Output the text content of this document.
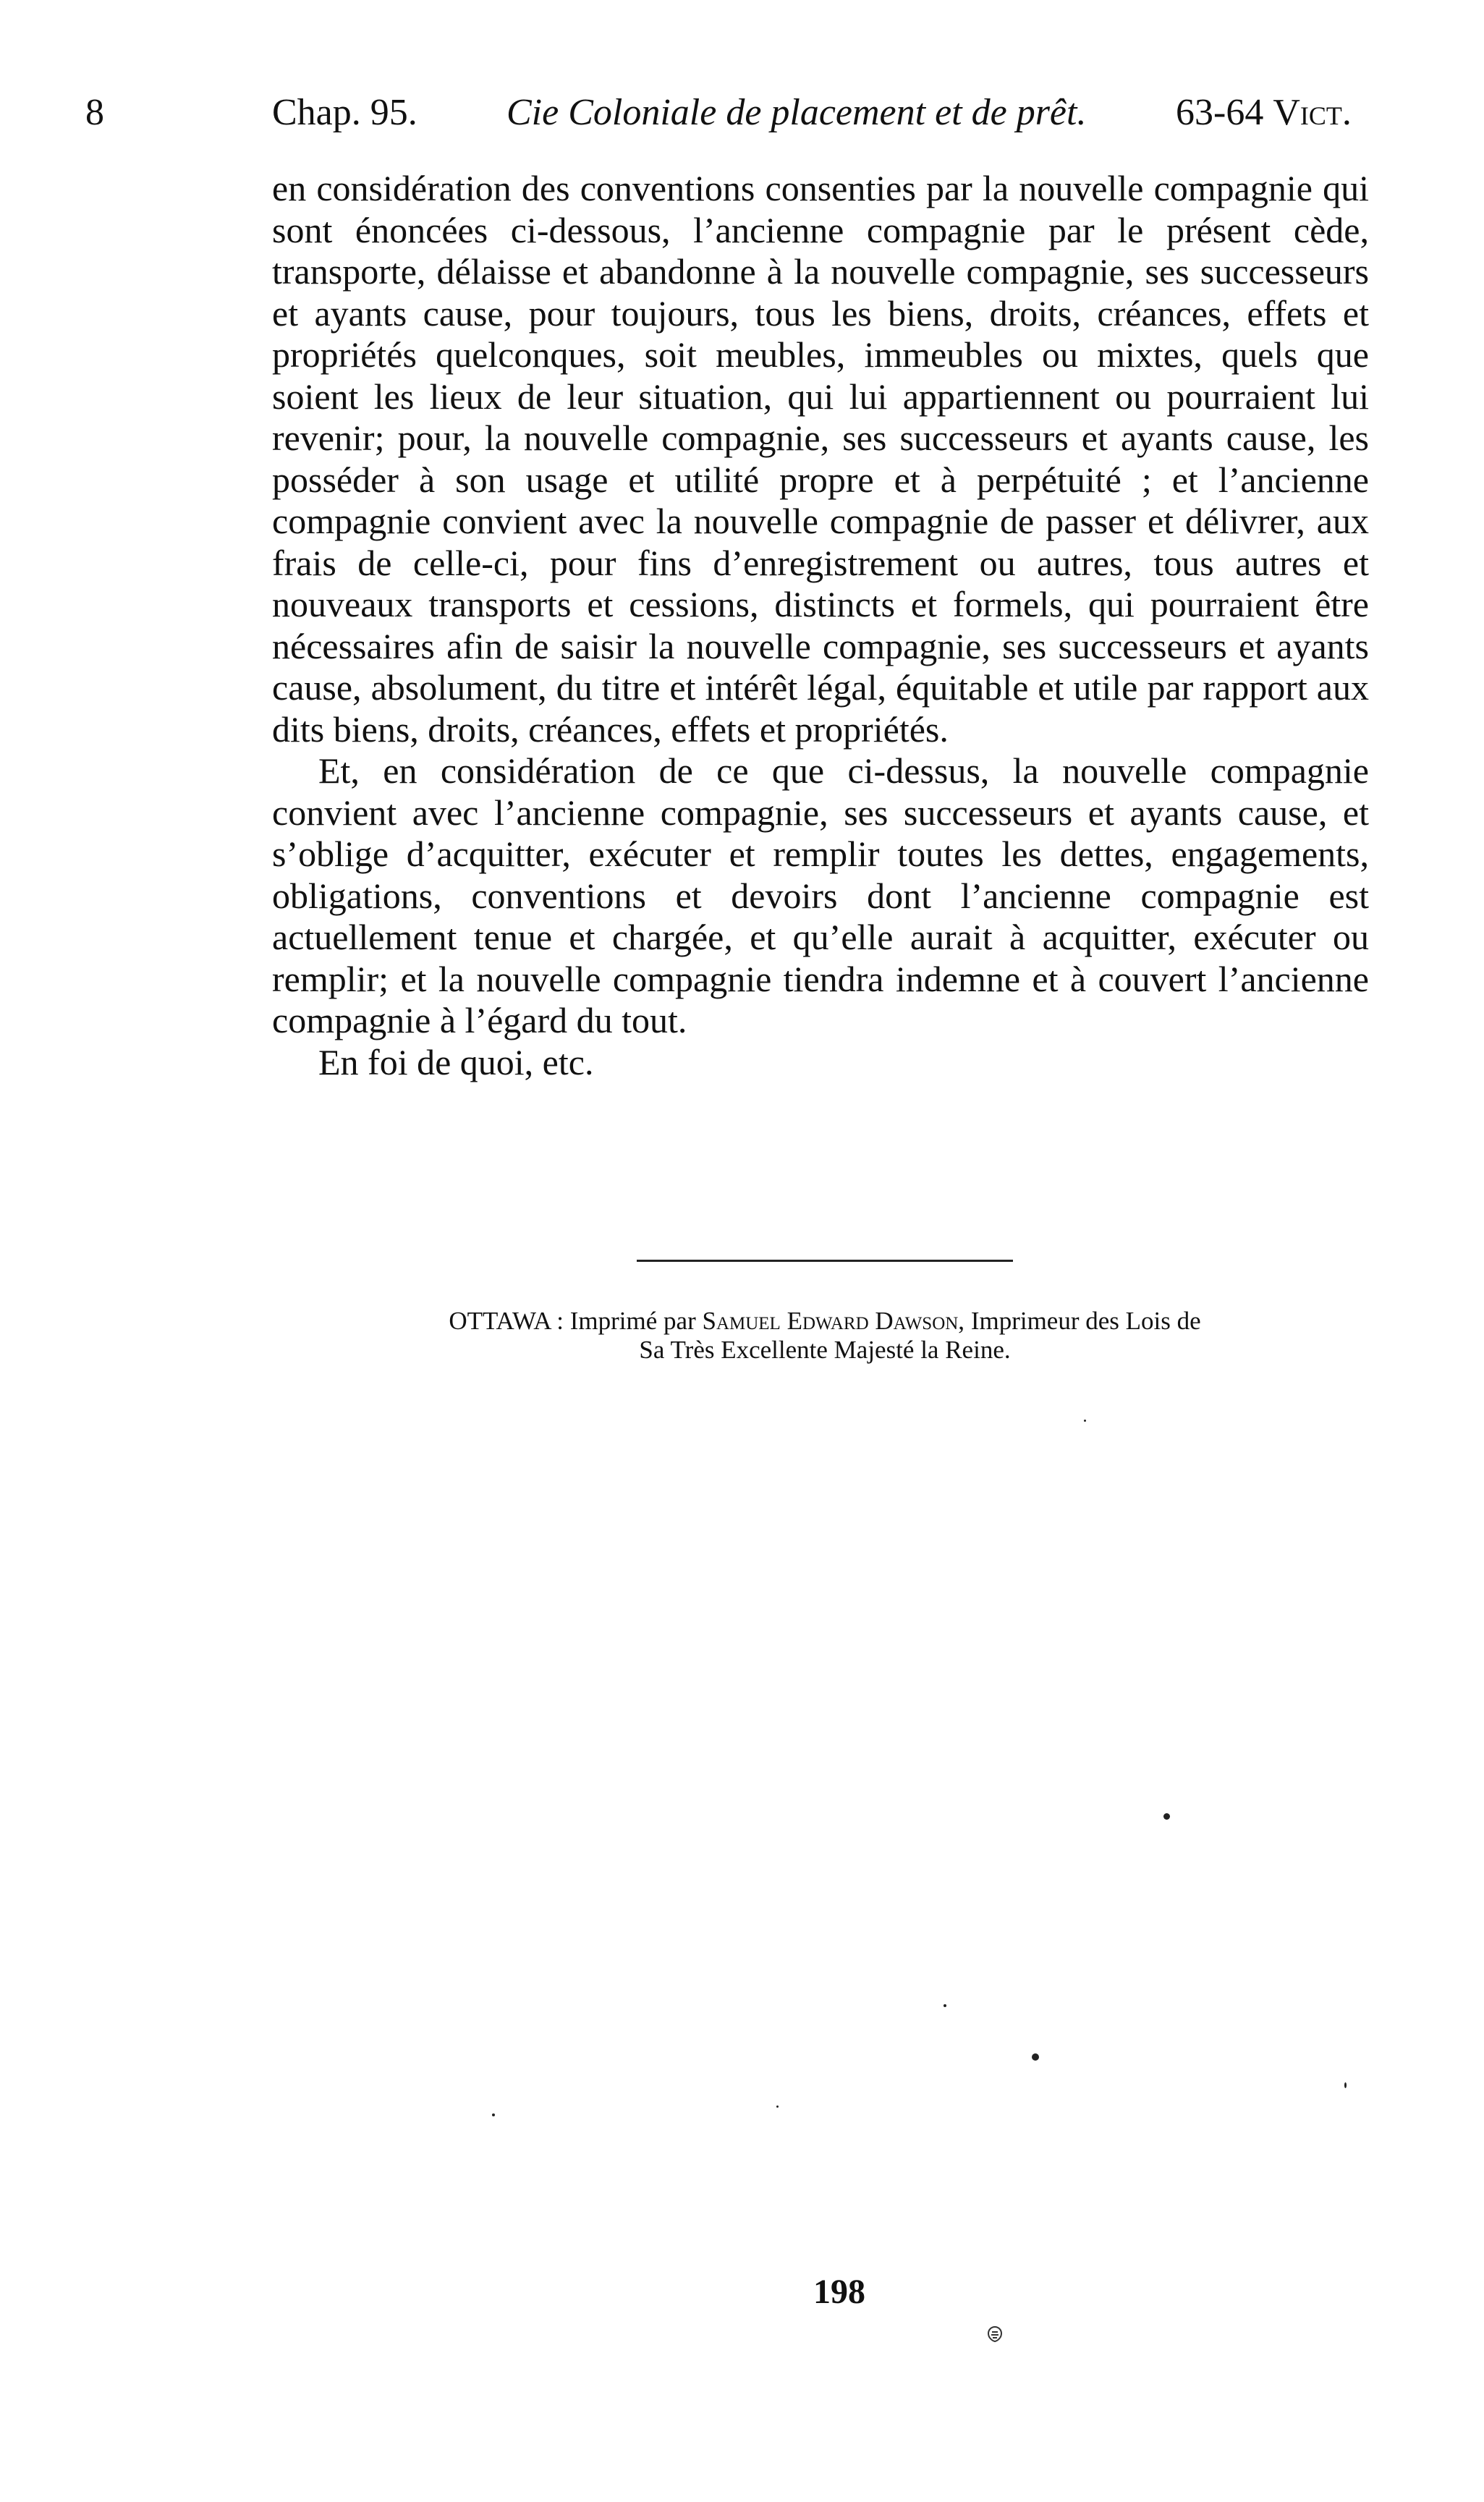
8	Chap. 95. Cie Coloniale de placement et de prêt. 63-64 Vict.

en considération des conventions consenties par la nouvelle compagnie qui sont énoncées ci-dessous, l’ancienne compagnie par le présent cède, transporte, délaisse et abandonne à la nouvelle compagnie, ses successeurs et ayants cause, pour toujours, tous les biens, droits, créances, effets et propriétés quelconques, soit meubles, immeubles ou mixtes, quels que soient les lieux de leur situation, qui lui appartiennent ou pourraient lui revenir; pour, la nouvelle compagnie, ses successeurs et ayants cause, les posséder à son usage et utilité propre et à perpétuité ; et l’ancienne compagnie convient avec la nouvelle compagnie de passer et délivrer, aux frais de celle-ci, pour fins d’enregistrement ou autres, tous autres et nouveaux transports et cessions, distincts et formels, qui pourraient être nécessaires afin de saisir la nouvelle compagnie, ses successeurs et ayants cause, absolument, du titre et intérêt légal, équitable et utile par rapport aux dits biens, droits, créances, effets et propriétés.

Et, en considération de ce que ci-dessus, la nouvelle compagnie convient avec l’ancienne compagnie, ses successeurs et ayants cause, et s’oblige d’acquitter, exécuter et remplir toutes les dettes, engagements, obligations, conventions et devoirs dont l’ancienne compagnie est actuellement tenue et chargée, et qu’elle aurait à acquitter, exécuter ou remplir; et la nouvelle compagnie tiendra indemne et à couvert l’ancienne compagnie à l’égard du tout.

En foi de quoi, etc.

OTTAWA : Imprimé par Samuel Edward Dawson, Imprimeur des Lois de
Sa Très Excellente Majesté la Reine.
198
